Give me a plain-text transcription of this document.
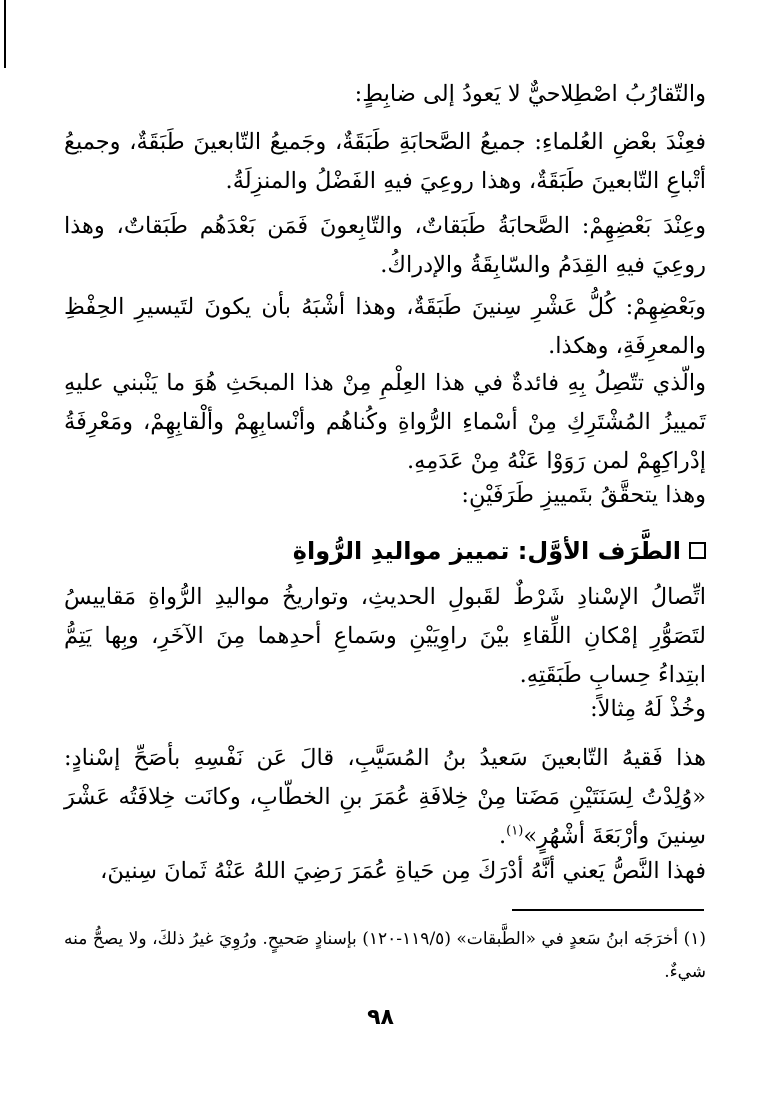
والتّقارُبُ اصْطِلاحيٌّ لا يَعودُ إلى ضابِطٍ:

فعِنْدَ بعْضِ العُلماءِ: جميعُ الصَّحابَةِ طَبَقَةٌ، وجَميعُ التّابعينَ طَبَقَةٌ، وجميعُ أتْباعِ التّابعينَ طَبَقَةٌ، وهذا روعِيَ فيهِ الفَضْلُ والمنزِلَةُ.

وعِنْدَ بَعْضِهِمْ: الصَّحابَةُ طَبَقاتٌ، والتّابِعونَ فَمَن بَعْدَهُم طَبَقاتٌ، وهذا روعِيَ فيهِ القِدَمُ والسّابِقَةُ والإدراكُ.

وبَعْضِهِمْ: كُلُّ عَشْرِ سِنينَ طَبَقَةٌ، وهذا أشْبَهُ بأن يكونَ لتَيسيرِ الحِفْظِ والمعرِفَةِ، وهكذا.

والّذي تتّصِلُ بِهِ فائدةٌ في هذا العِلْمِ مِنْ هذا المبحَثِ هُوَ ما يَنْبني عليهِ تَمييزُ المُشْتَرِكِ مِنْ أسْماءِ الرُّواةِ وكُناهُم وأنْسابِهِمْ وألْقابِهِمْ، ومَعْرِفَةُ إدْراكِهِمْ لمن رَوَوْا عَنْهُ مِنْ عَدَمِهِ.

وهذا يتحقَّقُ بتَمييزِ طَرَفَيْنِ:

الطَّرَف الأوَّل: تمييز مواليدِ الرُّواةِ

اتِّصالُ الإسْنادِ شَرْطٌ لقَبولِ الحديثِ، وتواريخُ مواليدِ الرُّواةِ مَقاييسُ لتَصَوُّرِ إمْكانِ اللِّقاءِ بيْنَ راوِيَيْنِ وسَماعِ أحدِهما مِنَ الآخَرِ، وبِها يَتِمُّ ابتِداءُ حِسابِ طَبَقَتِهِ.

وخُذْ لَهُ مِثالاً:

هذا فَقيهُ التّابعينَ سَعيدُ بنُ المُسَيَّبِ، قالَ عَن نَفْسِهِ بأصَحِّ إسْنادٍ: «وُلِدْتُ لِسَنَتَيْنِ مَضَتا مِنْ خِلافَةِ عُمَرَ بنِ الخطّابِ، وكانَت خِلافَتُه عَشْرَ سِنينَ وأرْبَعَةَ أشْهُرٍ»$^{(١)}$.

فهذا النَّصُّ يَعني أنَّهُ أدْرَكَ مِن حَياةِ عُمَرَ رَضِيَ اللهُ عَنْهُ ثَمانَ سِنينَ،

(١) أخرَجَه ابنُ سَعدٍ في «الطَّبقات» (١١٩/٥-١٢٠) بإسنادٍ صَحيحٍ. ورُوِيَ غيرُ ذلكَ، ولا يصحُّ منه شيءٌ.

٩٨
